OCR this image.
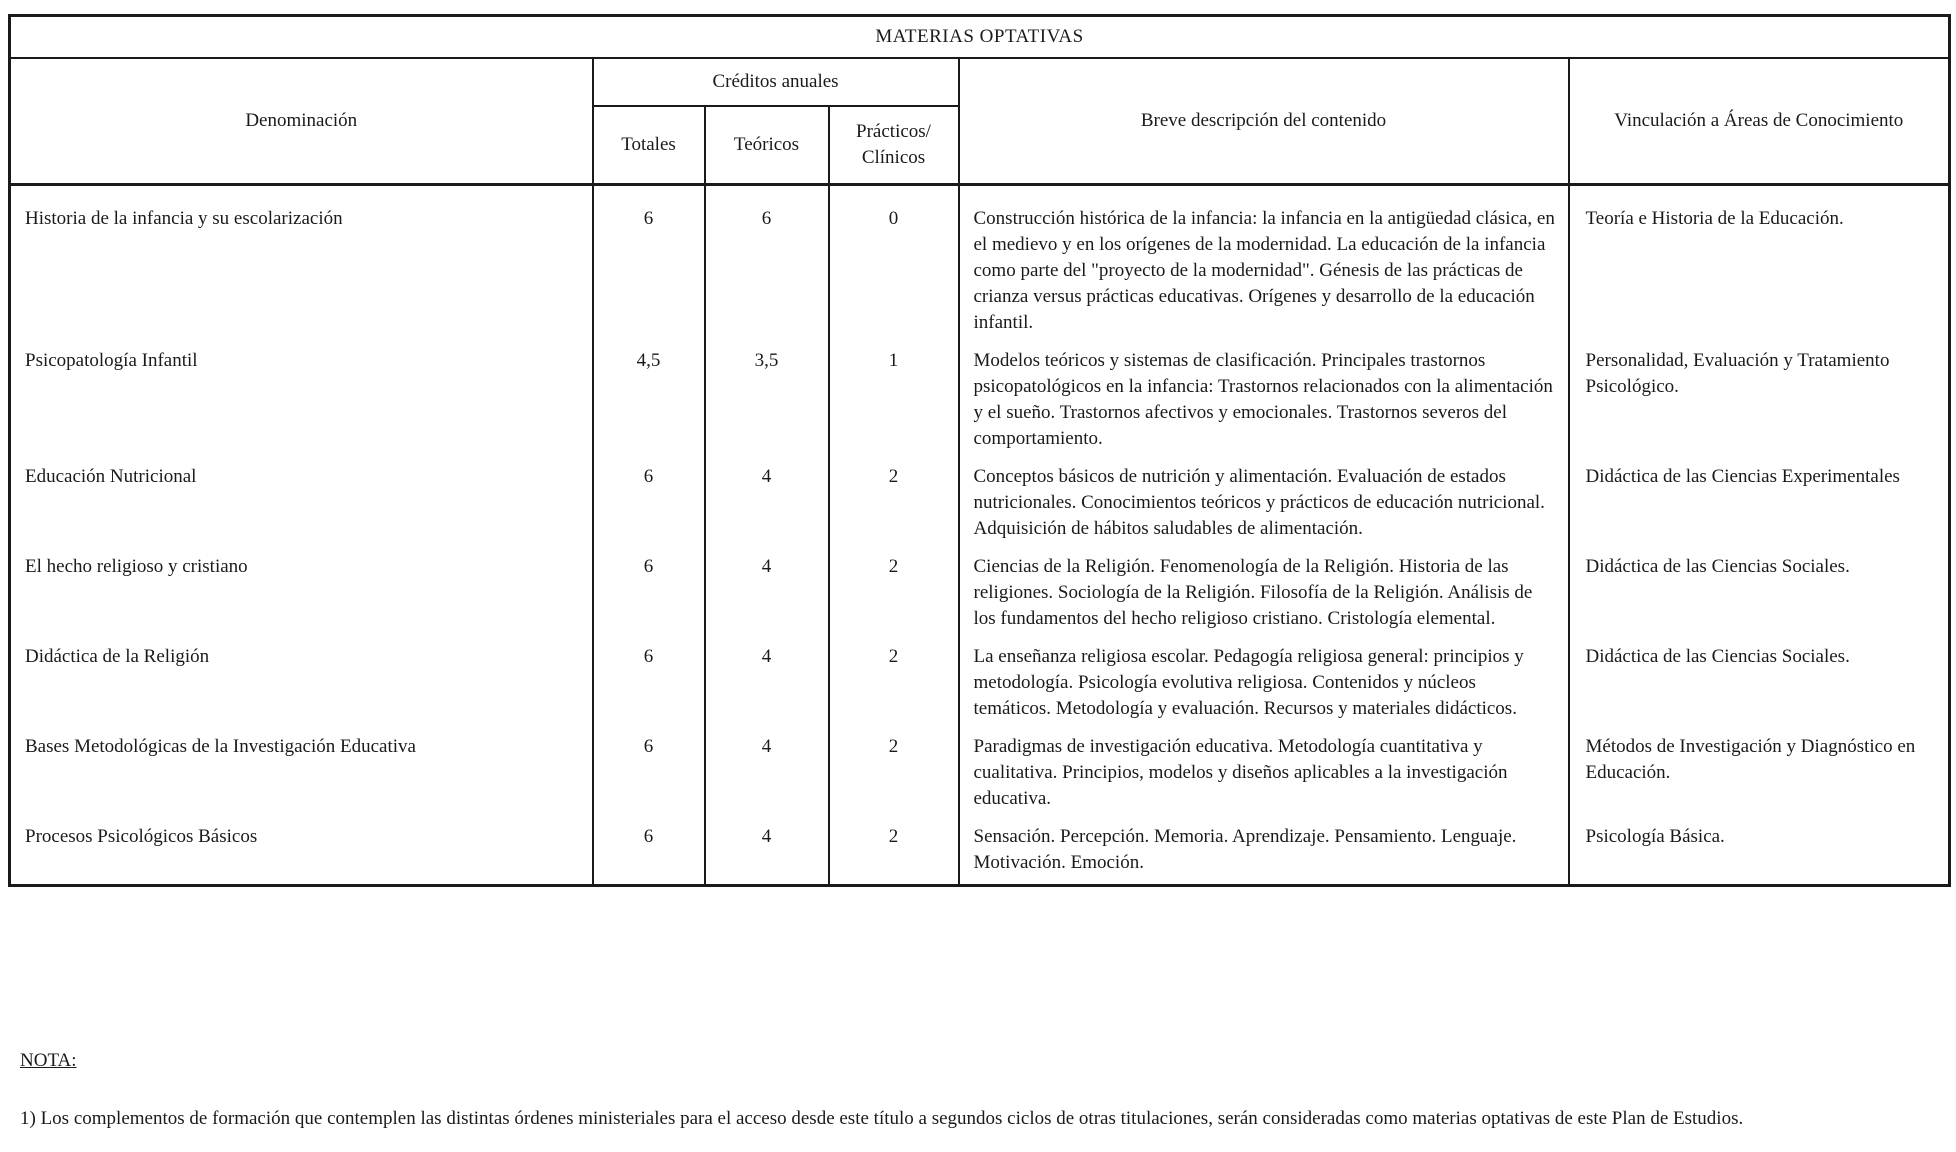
MATERIAS OPTATIVAS					
Denominación	Créditos anuales			Breve descripción del contenido	Vinculación a Áreas de Conocimiento
	Totales	Teóricos	Prácticos/
Clínicos		
Historia de la infancia y su escolarización	6	6	0	Construcción histórica de la infancia: la infancia en la antigüedad clásica, en el medievo y en los orígenes de la modernidad. La educación de la infancia como parte del "proyecto de la modernidad". Génesis de las prácticas de crianza versus prácticas educativas. Orígenes y desarrollo de la educación infantil.	Teoría e Historia de la Educación.
Psicopatología Infantil	4,5	3,5	1	Modelos teóricos y sistemas de clasificación. Principales trastornos psicopatológicos en la infancia: Trastornos relacionados con la alimentación y el sueño. Trastornos afectivos y emocionales. Trastornos severos del comportamiento.	Personalidad, Evaluación y Tratamiento Psicológico.
Educación Nutricional	6	4	2	Conceptos básicos de nutrición y alimentación. Evaluación de estados nutricionales. Conocimientos teóricos y prácticos de educación nutricional. Adquisición de hábitos saludables de alimentación.	Didáctica de las Ciencias Experimentales
El hecho religioso y cristiano	6	4	2	Ciencias de la Religión. Fenomenología de la Religión. Historia de las religiones. Sociología de la Religión. Filosofía de la Religión. Análisis de los fundamentos del hecho religioso cristiano. Cristología elemental.	Didáctica de las Ciencias Sociales.
Didáctica de la Religión	6	4	2	La enseñanza religiosa escolar. Pedagogía religiosa general: principios y metodología. Psicología evolutiva religiosa. Contenidos y núcleos temáticos. Metodología y evaluación. Recursos y materiales didácticos.	Didáctica de las Ciencias Sociales.
Bases Metodológicas de la Investigación Educativa	6	4	2	Paradigmas de investigación educativa. Metodología cuantitativa y cualitativa. Principios, modelos y diseños aplicables a la investigación educativa.	Métodos de Investigación y Diagnóstico en Educación.
Procesos Psicológicos Básicos	6	4	2	Sensación. Percepción. Memoria. Aprendizaje. Pensamiento. Lenguaje. Motivación. Emoción.	Psicología Básica.
NOTA:
1) Los complementos de formación que contemplen las distintas órdenes ministeriales para el acceso desde este título a segundos ciclos de otras titulaciones, serán consideradas como materias optativas de este Plan de Estudios.
